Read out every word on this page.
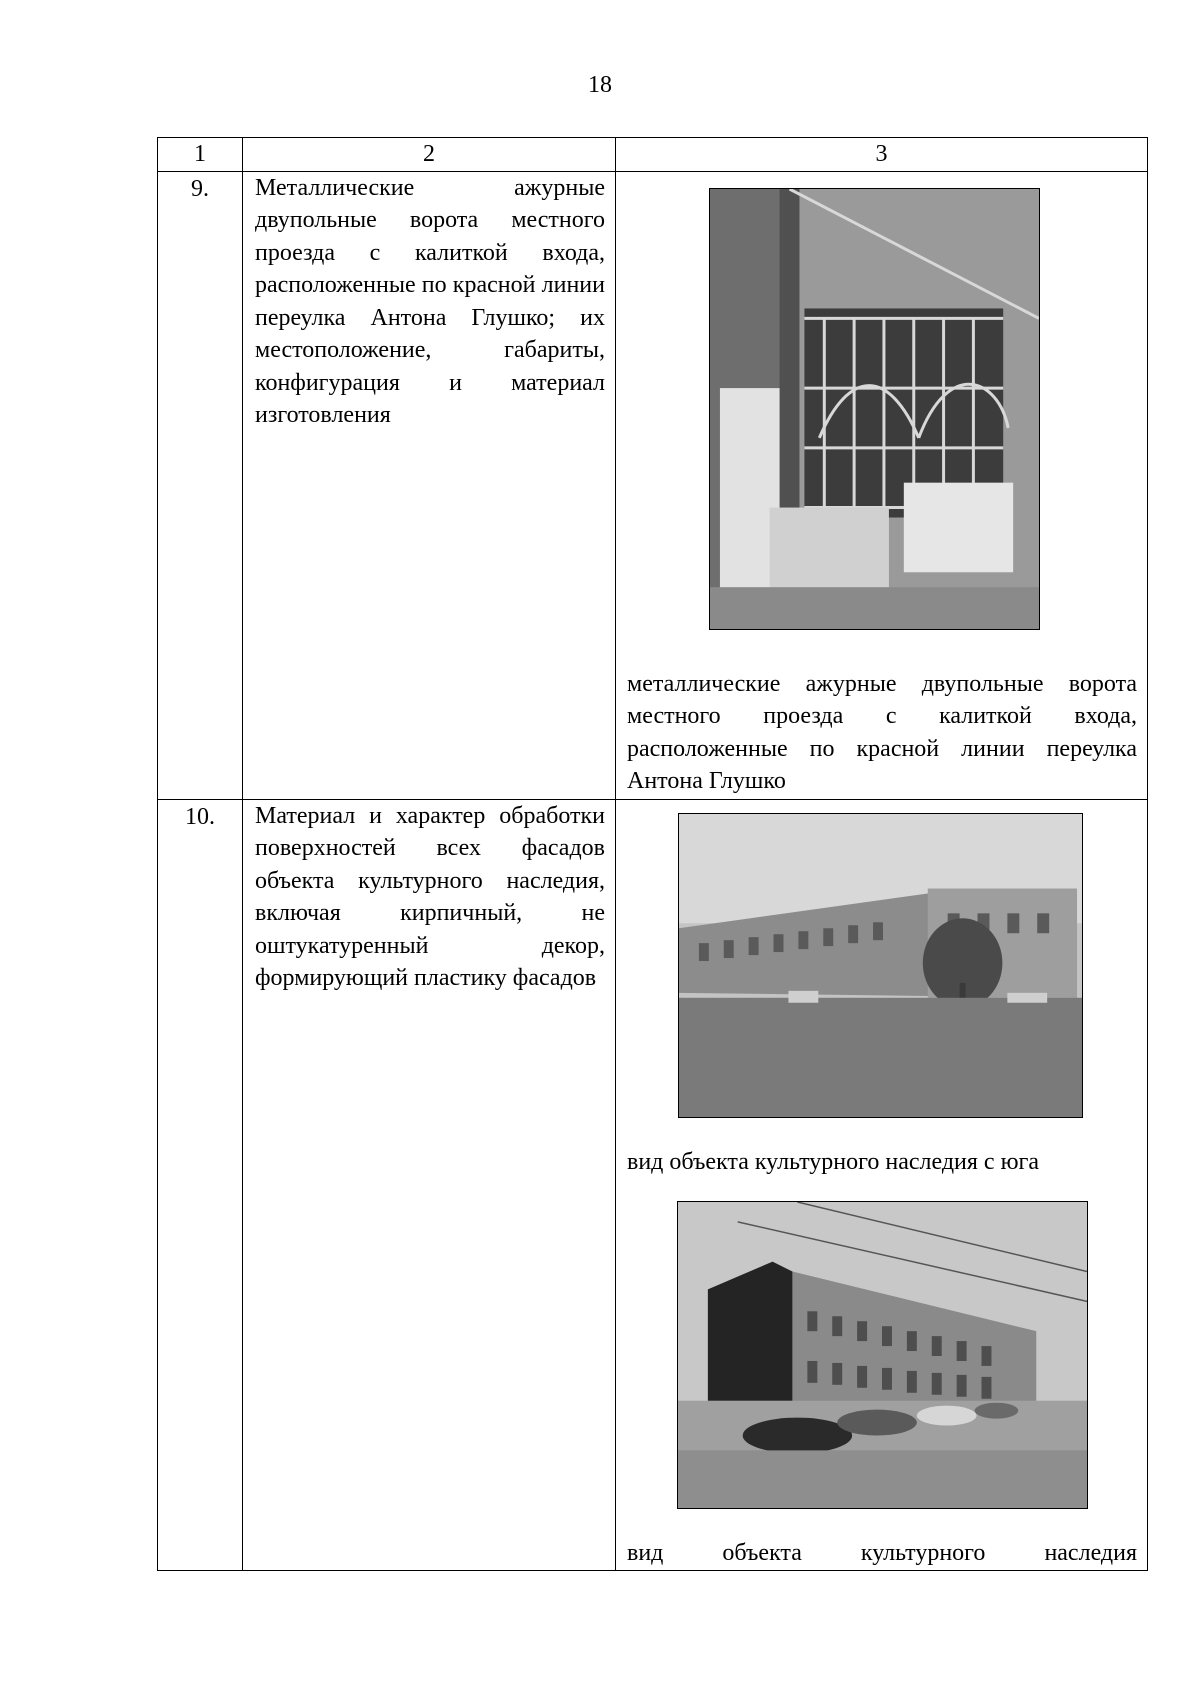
18
1	2	3
9.	Металлические ажурные двупольные ворота местного проезда с калиткой входа, расположенные по красной линии переулка Антона Глушко; их местоположение, габариты, конфигурация и материал изготовления	металлические ажурные двупольные ворота местного проезда с калиткой входа, расположенные по красной линии переулка Антона Глушко

10.	Материал и характер обработки поверхностей всех фасадов объекта культурного наследия, включая кирпичный, не оштукатуренный декор, формирующий пластику фасадов	вид объекта культурного наследия с юга
вид объекта культурного наследия
